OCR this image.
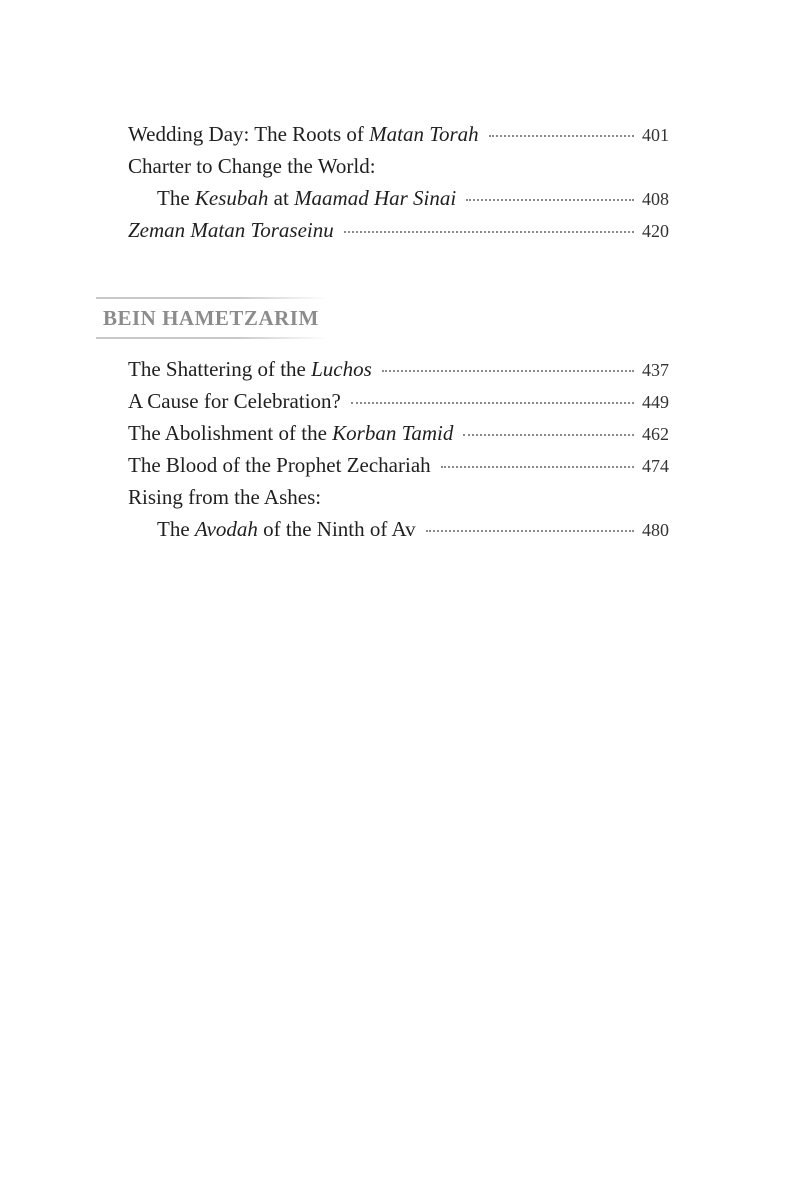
Wedding Day: The Roots of Matan Torah	401
Charter to Change the World:
The Kesubah at Maamad Har Sinai	408
Zeman Matan Toraseinu	420
BEIN HAMETZARIM
The Shattering of the Luchos	437
A Cause for Celebration?	449
The Abolishment of the Korban Tamid	462
The Blood of the Prophet Zechariah	474
Rising from the Ashes:
The Avodah of the Ninth of Av	480
